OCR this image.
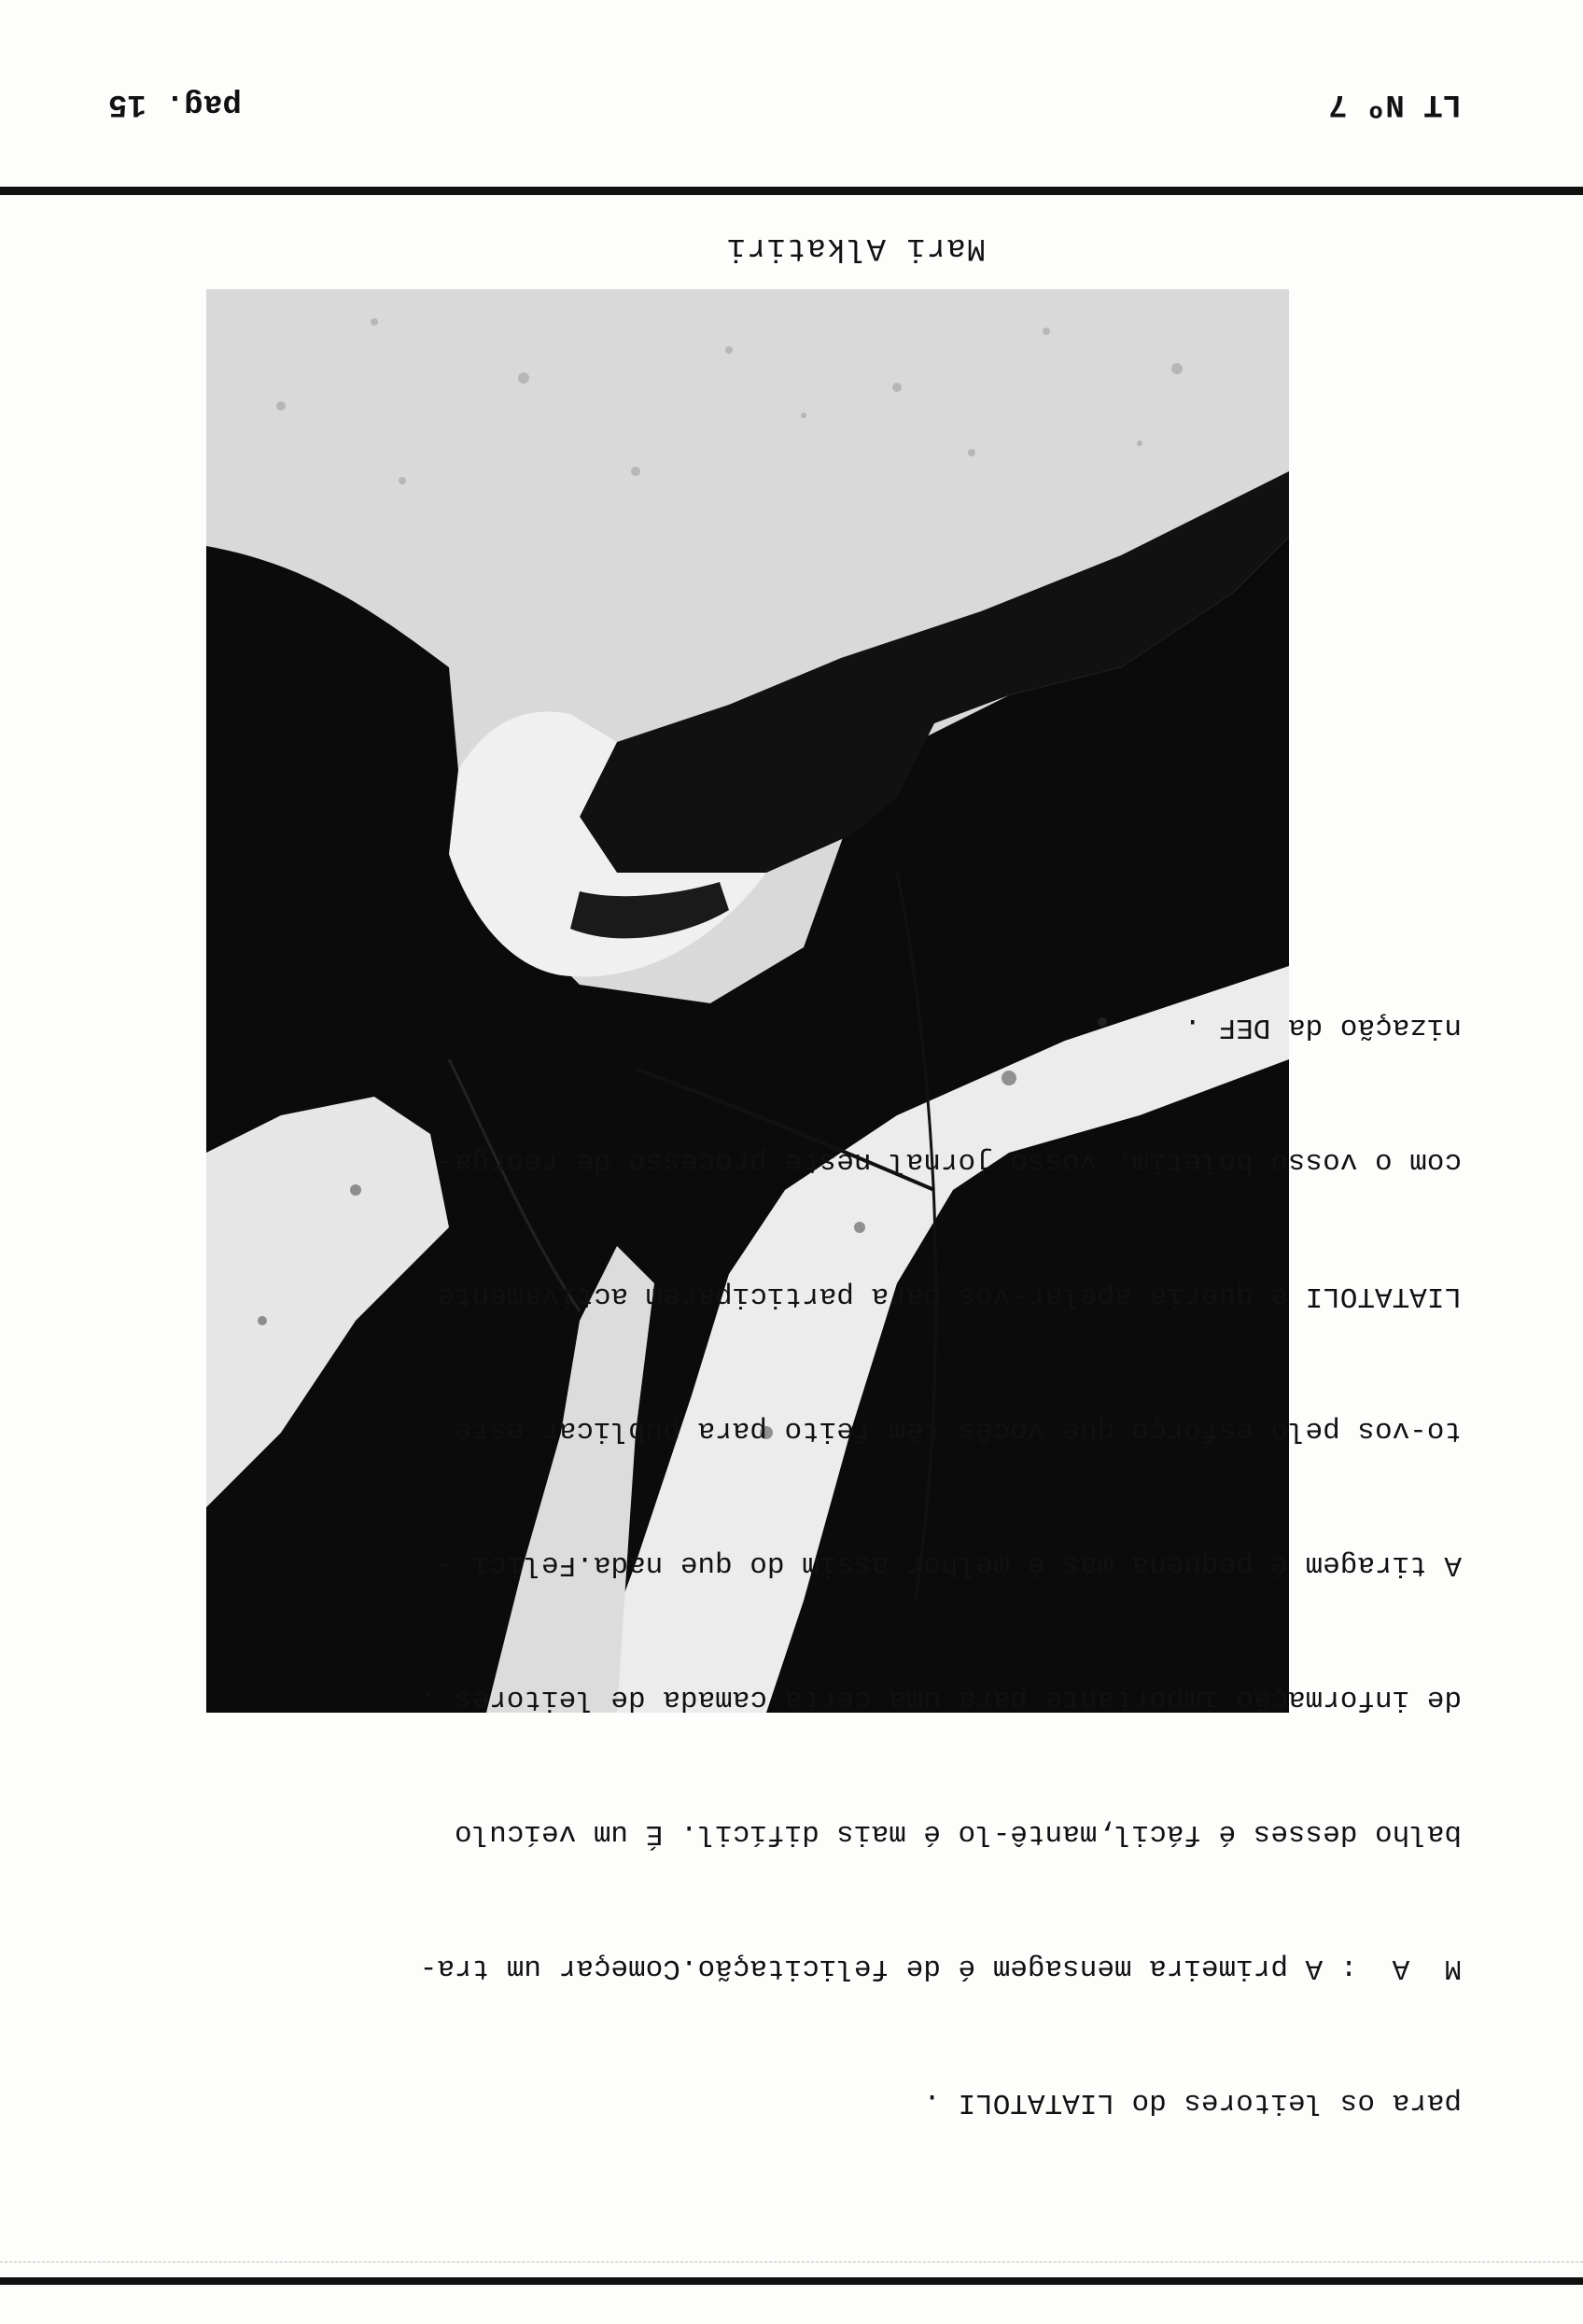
LT Nº 7
pag. 15
Mari Alkatiri

para os leitores do LIATATOLI .

M  A  : A primeira mensagem é de felicitação.Começar um tra-

balho desses é fácil,mantê-lo é mais difícil. É um veículo

de informação importante para uma certa camada de leitores .

A tiragem é pequena mas é melhor assim do que nada.Felici -

to-vos pelo esforço que vocês têm feito para publicar este

LIATATOLI e queria apelar-vos para participarem activamente

com o vosso boletim, vosso jornal neste processo de reorga-

nização da DEF .
